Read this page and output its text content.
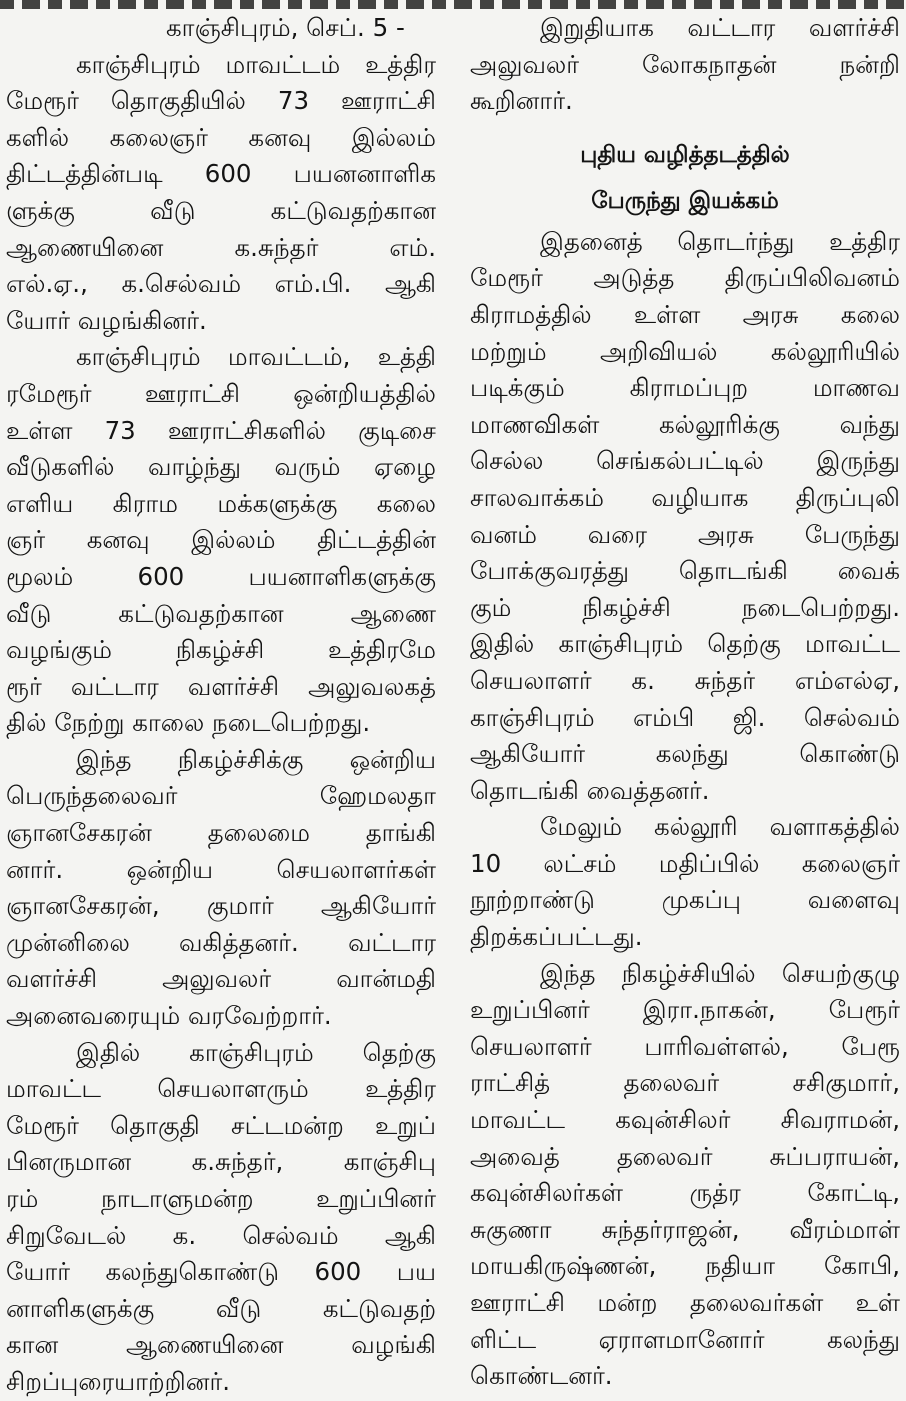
காஞ்சிபுரம், செப். 5 -
காஞ்சிபுரம் மாவட்டம் உத்திர
மேரூர் தொகுதியில் 73 ஊராட்சி
களில் கலைஞர் கனவு இல்லம்
திட்டத்தின்படி 600 பயனனாளிக
ளுக்கு வீடு கட்டுவதற்கான
ஆணையினை க.சுந்தர் எம்.
எல்.ஏ., க.செல்வம் எம்.பி. ஆகி
யோர் வழங்கினர்.
காஞ்சிபுரம் மாவட்டம், உத்தி
ரமேரூர் ஊராட்சி ஒன்றியத்தில்
உள்ள 73 ஊராட்சிகளில் குடிசை
வீடுகளில் வாழ்ந்து வரும் ஏழை
எளிய கிராம மக்களுக்கு கலை
ஞர் கனவு இல்லம் திட்டத்தின்
மூலம் 600 பயனாளிகளுக்கு
வீடு கட்டுவதற்கான ஆணை
வழங்கும் நிகழ்ச்சி உத்திரமே
ரூர் வட்டார வளர்ச்சி அலுவலகத்
தில் நேற்று காலை நடைபெற்றது.
இந்த நிகழ்ச்சிக்கு ஒன்றிய
பெருந்தலைவர் ஹேமலதா
ஞானசேகரன் தலைமை தாங்கி
னார். ஒன்றிய செயலாளர்கள்
ஞானசேகரன், குமார் ஆகியோர்
முன்னிலை வகித்தனர். வட்டார
வளர்ச்சி அலுவலர் வான்மதி
அனைவரையும் வரவேற்றார்.
இதில் காஞ்சிபுரம் தெற்கு
மாவட்ட செயலாளரும் உத்திர
மேரூர் தொகுதி சட்டமன்ற உறுப்
பினருமான க.சுந்தர், காஞ்சிபு
ரம் நாடாளுமன்ற உறுப்பினர்
சிறுவேடல் க. செல்வம் ஆகி
யோர் கலந்துகொண்டு 600 பய
னாளிகளுக்கு வீடு கட்டுவதற்
கான ஆணையினை வழங்கி
சிறப்புரையாற்றினர்.
இறுதியாக வட்டார வளர்ச்சி
அலுவலர் லோகநாதன் நன்றி
கூறினார்.
புதிய வழித்தடத்தில்
பேருந்து இயக்கம்
இதனைத் தொடர்ந்து உத்திர
மேரூர் அடுத்த திருப்பிலிவனம்
கிராமத்தில் உள்ள அரசு கலை
மற்றும் அறிவியல் கல்லூரியில்
படிக்கும் கிராமப்புற மாணவ
மாணவிகள் கல்லூரிக்கு வந்து
செல்ல செங்கல்பட்டில் இருந்து
சாலவாக்கம் வழியாக திருப்புலி
வனம் வரை அரசு பேருந்து
போக்குவரத்து தொடங்கி வைக்
கும் நிகழ்ச்சி நடைபெற்றது.
இதில் காஞ்சிபுரம் தெற்கு மாவட்ட
செயலாளர் க. சுந்தர் எம்எல்ஏ,
காஞ்சிபுரம் எம்பி ஜி. செல்வம்
ஆகியோர் கலந்து கொண்டு
தொடங்கி வைத்தனர்.
மேலும் கல்லூரி வளாகத்தில்
10 லட்சம் மதிப்பில் கலைஞர்
நூற்றாண்டு முகப்பு வளைவு
திறக்கப்பட்டது.
இந்த நிகழ்ச்சியில் செயற்குழு
உறுப்பினர் இரா.நாகன், பேரூர்
செயலாளர் பாரிவள்ளல், பேரூ
ராட்சித் தலைவர் சசிகுமார்,
மாவட்ட கவுன்சிலர் சிவராமன்,
அவைத் தலைவர் சுப்பராயன்,
கவுன்சிலர்கள் ருத்ர கோட்டி,
சுகுணா சுந்தர்ராஜன், வீரம்மாள்
மாயகிருஷ்ணன், நதியா கோபி,
ஊராட்சி மன்ற தலைவர்கள் உள்
ளிட்ட ஏராளமானோர் கலந்து
கொண்டனர்.
